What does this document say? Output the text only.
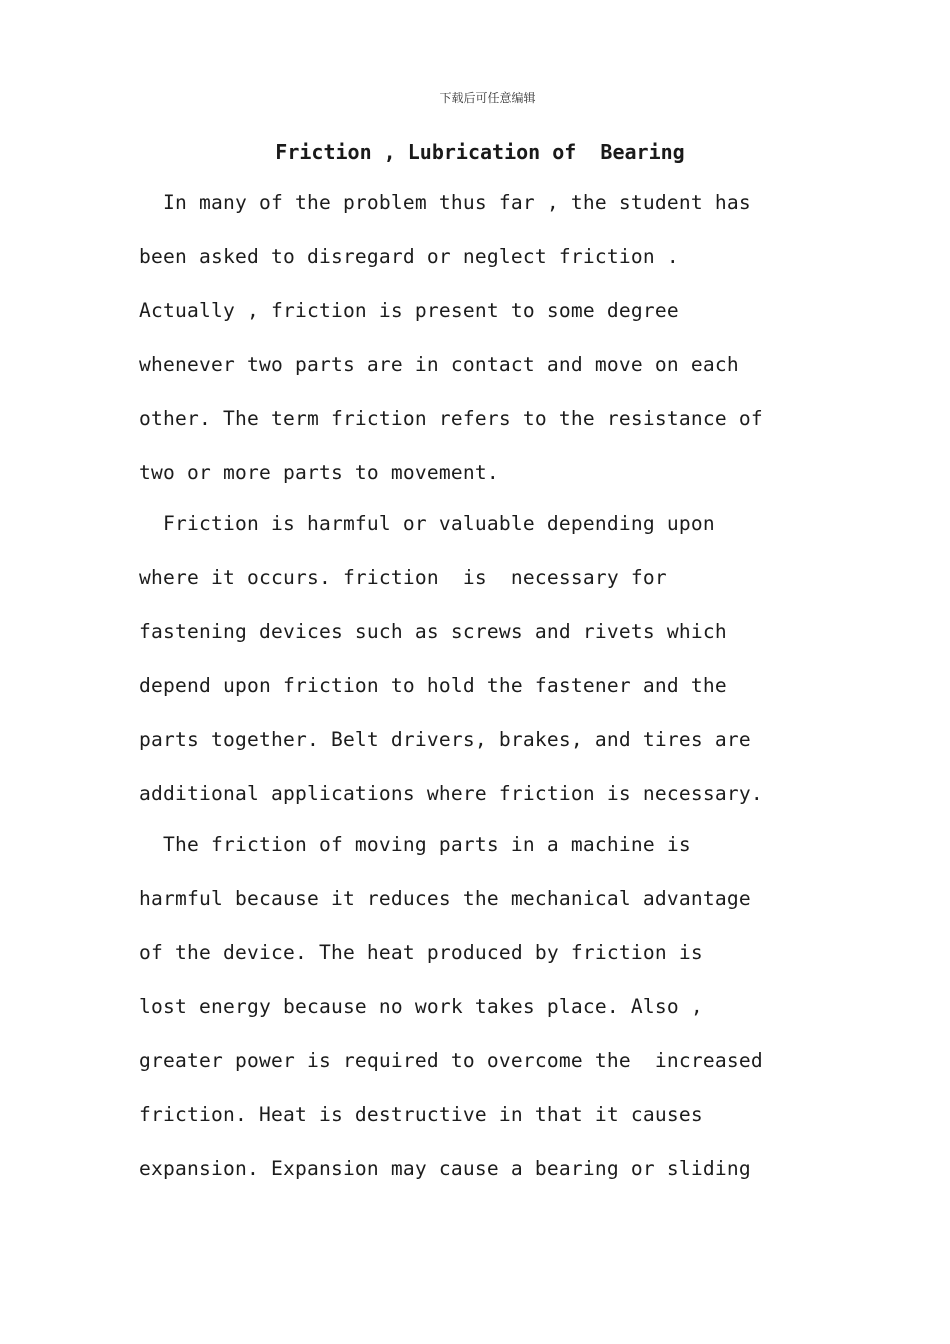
下载后可任意编辑
Friction , Lubrication of  Bearing
In many of the problem thus far , the student has
been asked to disregard or neglect friction .
Actually , friction is present to some degree
whenever two parts are in contact and move on each
other. The term friction refers to the resistance of
two or more parts to movement.
Friction is harmful or valuable depending upon
where it occurs. friction  is  necessary for
fastening devices such as screws and rivets which
depend upon friction to hold the fastener and the
parts together. Belt drivers, brakes, and tires are
additional applications where friction is necessary.
The friction of moving parts in a machine is
harmful because it reduces the mechanical advantage
of the device. The heat produced by friction is
lost energy because no work takes place. Also ,
greater power is required to overcome the  increased
friction. Heat is destructive in that it causes
expansion. Expansion may cause a bearing or sliding
